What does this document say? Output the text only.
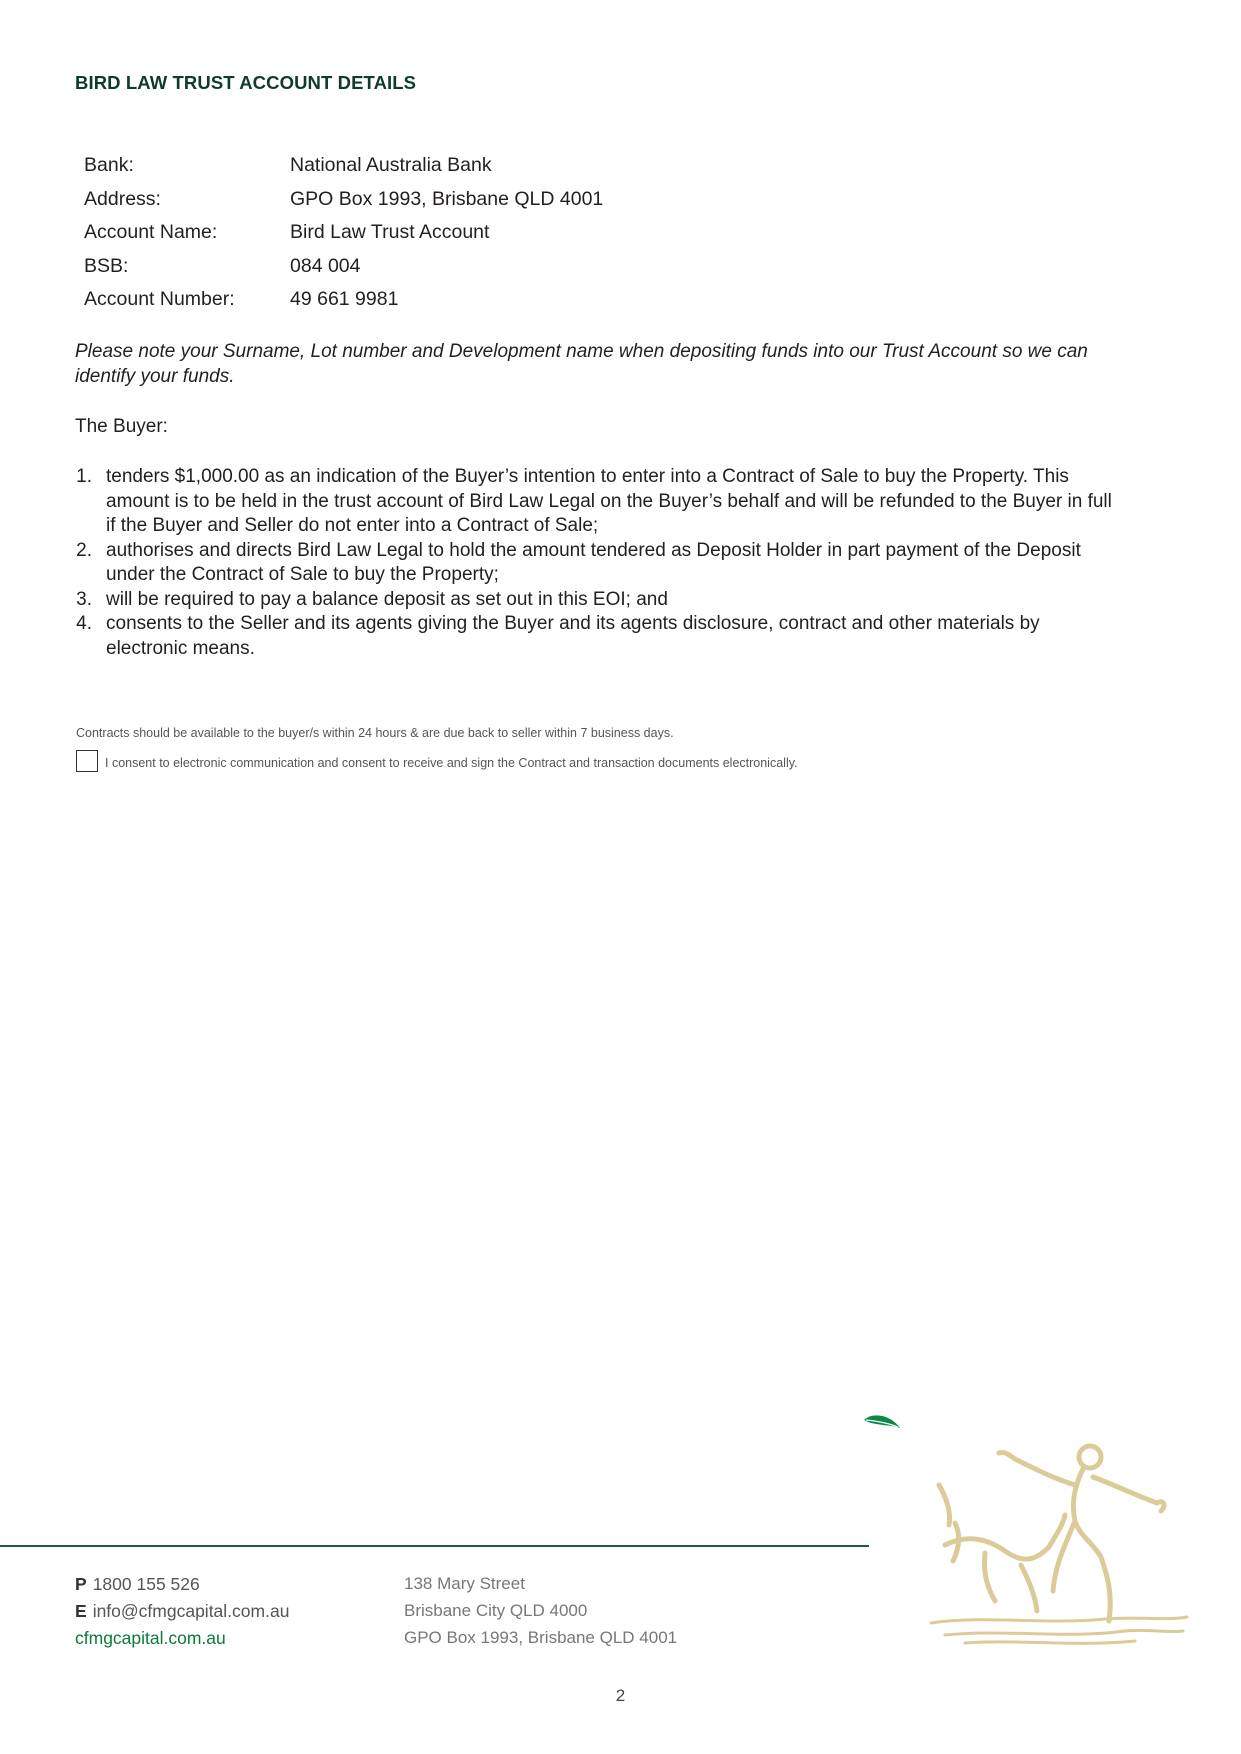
BIRD LAW TRUST ACCOUNT DETAILS
Bank:	National Australia Bank
Address:	GPO Box 1993, Brisbane QLD 4001
Account Name:	Bird Law Trust Account
BSB:	084 004
Account Number:	49 661 9981
Please note your Surname, Lot number and Development name when depositing funds into our Trust Account so we can identify your funds.
The Buyer:
1. tenders $1,000.00 as an indication of the Buyer’s intention to enter into a Contract of Sale to buy the Property. This amount is to be held in the trust account of Bird Law Legal on the Buyer’s behalf and will be refunded to the Buyer in full if the Buyer and Seller do not enter into a Contract of Sale;
2. authorises and directs Bird Law Legal to hold the amount tendered as Deposit Holder in part payment of the Deposit under the Contract of Sale to buy the Property;
3. will be required to pay a balance deposit as set out in this EOI; and
4. consents to the Seller and its agents giving the Buyer and its agents disclosure, contract and other materials by electronic means.
Contracts should be available to the buyer/s within 24 hours & are due back to seller within 7 business days.
I consent to electronic communication and consent to receive and sign the Contract and transaction documents electronically.
P 1800 155 526
E info@cfmgcapital.com.au
cfmgcapital.com.au
138 Mary Street
Brisbane City QLD 4000
GPO Box 1993, Brisbane QLD 4001
2
